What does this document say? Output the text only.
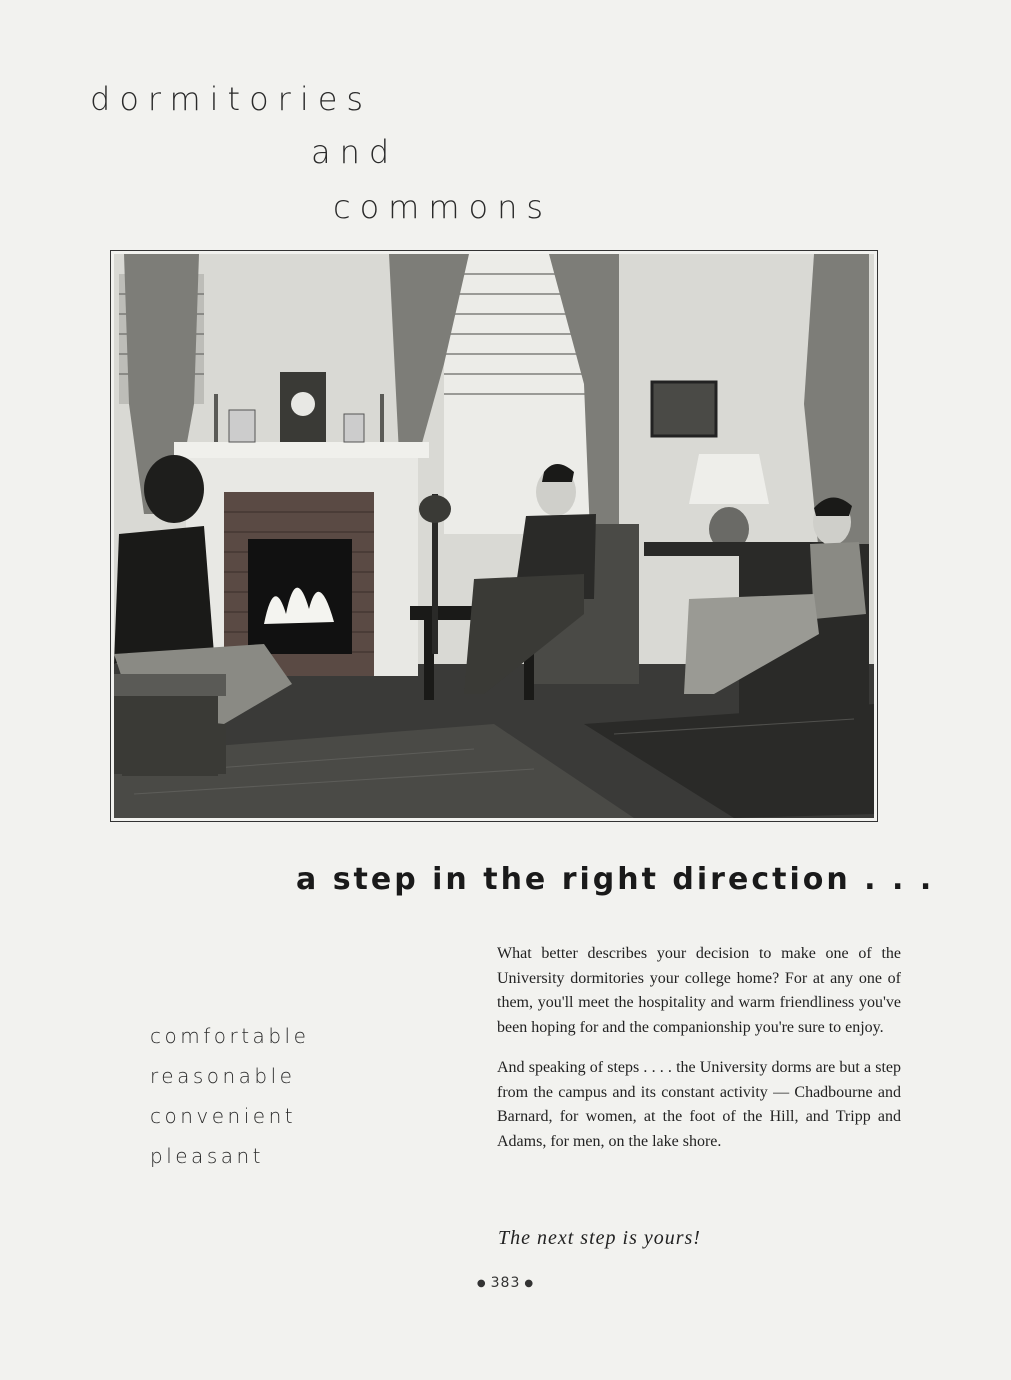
dormitories
and
commons
a step in the right direction . . .
comfortable
reasonable
convenient
pleasant

What better describes your decision to make one of the University dormitories your college home? For at any one of them, you'll meet the hospitality and warm friendliness you've been hoping for and the companionship you're sure to enjoy.

And speaking of steps . . . . the University dorms are but a step from the campus and its constant activity — Chadbourne and Barnard, for women, at the foot of the Hill, and Tripp and Adams, for men, on the lake shore.

The next step is yours!
● 383 ●
